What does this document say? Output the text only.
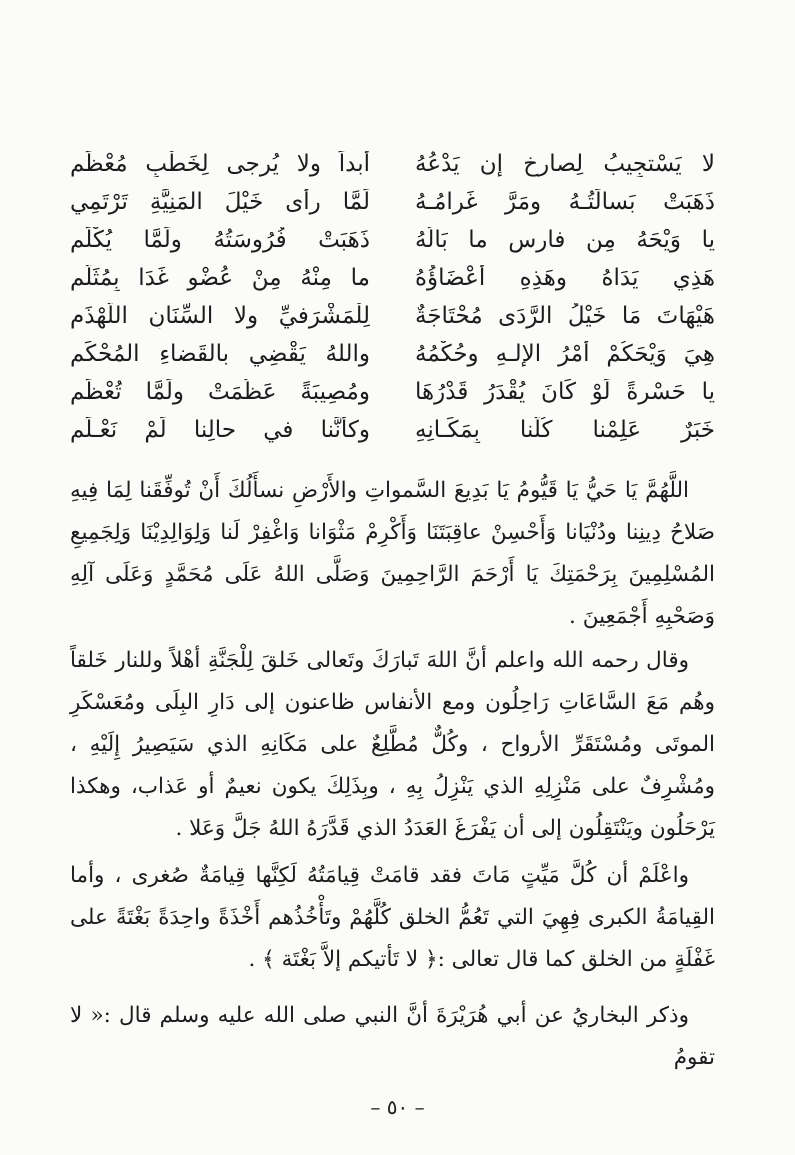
لا يَسْتجِيبُ لِصارِخٍ إن يَدْعُهُ
أبداً ولا يُرجى لِخَطْبٍ مُعْظَمِ
ذَهَبَتْ بَسالَتُـهُ ومَرَّ غَرامُـهُ
لَمَّا رأى خَيْلَ المَنِيَّةِ تَرْتَمِي
يا وَيْحَهُ مِن فارسٍ ما بَالُهُ
ذَهَبَتْ فُرُوسَتُهُ ولَمَّا يُكْلَمِ
هَذِي يَدَاهُ وهَذِهِ أعْضَاؤُهُ
ما مِنْهُ مِنْ عُضْوٍ غَدَا بِمُثَلَّمِ
هَيْهَاتَ مَا خَيْلُ الرَّدَى مُحْتَاجَةٌ
لِلْمَشْرَفيِّ ولا السِّنَانِ اللَّهْذَمِ
هِيَ وَيْحَكُمْ أمْرُ الإلـهِ وحُكْمُهُ
واللهُ يَقْضِي بالقَضاءِ المُحْكَمِ
يا حَسْرةً لَوْ كَانَ يُقْدَرُ قَدْرُهَا
ومُصِيبَةً عَظُمَتْ ولَمَّا تُعْظَمِ
خَبَرٌ عَلِمْنا كُلُّنا بِمَكَـانِهِ
وكأنَّنا في حالِنا لَمْ نَعْـلَمِ

اللَّهُمَّ يَا حَيُّ يَا قَيُّومُ يَا بَدِيعَ السَّمواتِ والأَرْضِ نسأَلُكَ أَنْ تُوفِّقَنا لِمَا فِيهِ صَلاحُ دِينِنا ودُنْيَانا وَأَحْسِنْ عاقِبَتَنَا وَأَكْرِمْ مَثْوَانا وَاغْفِرْ لَنا وَلِوَالِدِيْنَا وَلِجَمِيعِ المُسْلِمِينَ بِرَحْمَتِكَ يَا أَرْحَمَ الرَّاحِمِينَ وَصَلَّى اللهُ عَلَى مُحَمَّدٍ وَعَلَى آلِهِ وَصَحْبِهِ أَجْمَعِينَ .

وقال رحمه الله واعلم أنَّ اللهَ تَبارَكَ وتَعالى خَلقَ لِلْجَنَّةِ أهْلاً وللنار خَلقاً وهُم مَعَ السَّاعَاتِ رَاحِلُون ومع الأنفاس ظاعنون إلى دَارِ البِلَى ومُعَسْكَرِ الموتَى ومُسْتَقَرِّ الأرواح ، وكُلٌّ مُطَّلِعٌ على مَكَانِهِ الذي سَيَصِيرُ إِلَيْهِ ، ومُشْرِفٌ على مَنْزِلِهِ الذي يَنْزِلُ بِهِ ، وبِذَلِكَ يكون نعيمٌ أو عَذاب، وهكذا يَرْحَلُون ويَنْتَقِلُون إلى أن يَفْرَغَ العَدَدُ الذي قَدَّرَهُ اللهُ جَلَّ وَعَلا .

واعْلَمْ أن كُلَّ مَيِّتٍ مَاتَ فقد قامَتْ قِيامَتُهُ لَكِنَّها قِيامَةٌ صُغرى ، وأما القِيامَةُ الكبرى فِهِيَ التي تَعُمُّ الخلق كُلَّهُمْ وتَأْخُذُهم أَخْذَةً واحِدَةً بَغْتَةً على غَفْلَةٍ من الخلق كما قال تعالى :﴿ لا تَأتيكم إلاَّ بَغْتَة ﴾ .

وذكر البخاريُ عن أبي هُرَيْرَةَ أنَّ النبي صلى الله عليه وسلم قال :« لا تقومُ

– ٥٠ –
